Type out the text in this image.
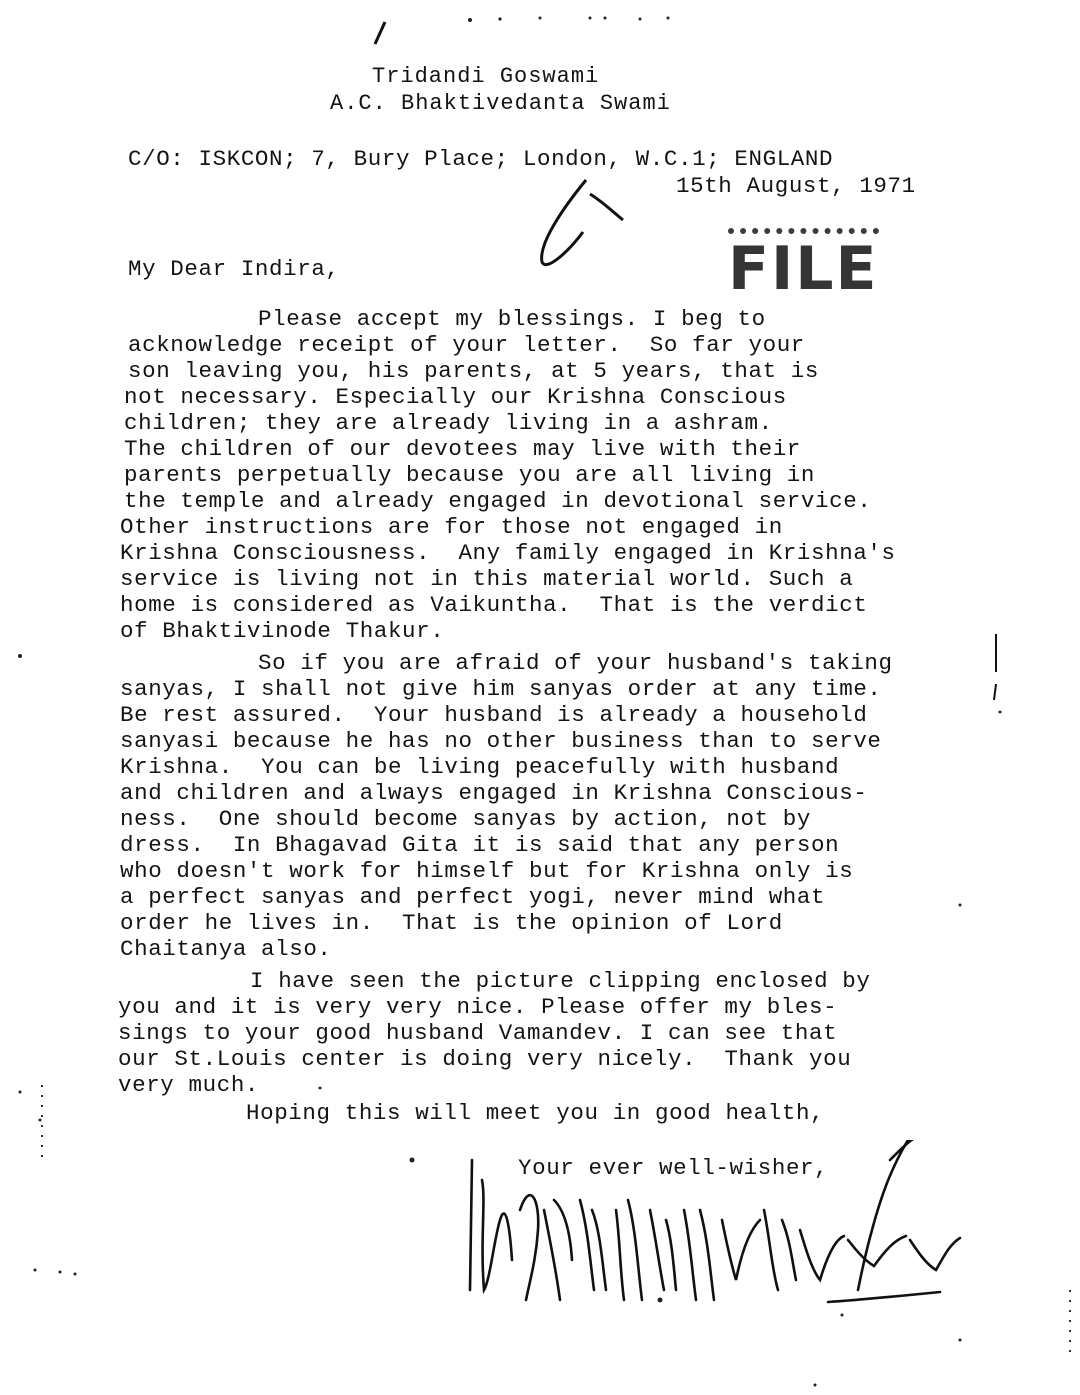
Tridandi Goswami
A.C. Bhaktivedanta Swami
C/O: ISKCON; 7, Bury Place; London, W.C.1; ENGLAND
15th August, 1971
FILE
My Dear Indira,
Please accept my blessings. I beg to
acknowledge receipt of your letter.  So far your
son leaving you, his parents, at 5 years, that is
not necessary. Especially our Krishna Conscious
children; they are already living in a ashram.
The children of our devotees may live with their
parents perpetually because you are all living in
the temple and already engaged in devotional service.
Other instructions are for those not engaged in
Krishna Consciousness.  Any family engaged in Krishna's
service is living not in this material world. Such a
home is considered as Vaikuntha.  That is the verdict
of Bhaktivinode Thakur.
So if you are afraid of your husband's taking
sanyas, I shall not give him sanyas order at any time.
Be rest assured.  Your husband is already a household
sanyasi because he has no other business than to serve
Krishna.  You can be living peacefully with husband
and children and always engaged in Krishna Conscious-
ness.  One should become sanyas by action, not by
dress.  In Bhagavad Gita it is said that any person
who doesn't work for himself but for Krishna only is
a perfect sanyas and perfect yogi, never mind what
order he lives in.  That is the opinion of Lord
Chaitanya also.
I have seen the picture clipping enclosed by
you and it is very very nice. Please offer my bles-
sings to your good husband Vamandev. I can see that
our St.Louis center is doing very nicely.  Thank you
very much.
Hoping this will meet you in good health,
Your ever well-wisher,
